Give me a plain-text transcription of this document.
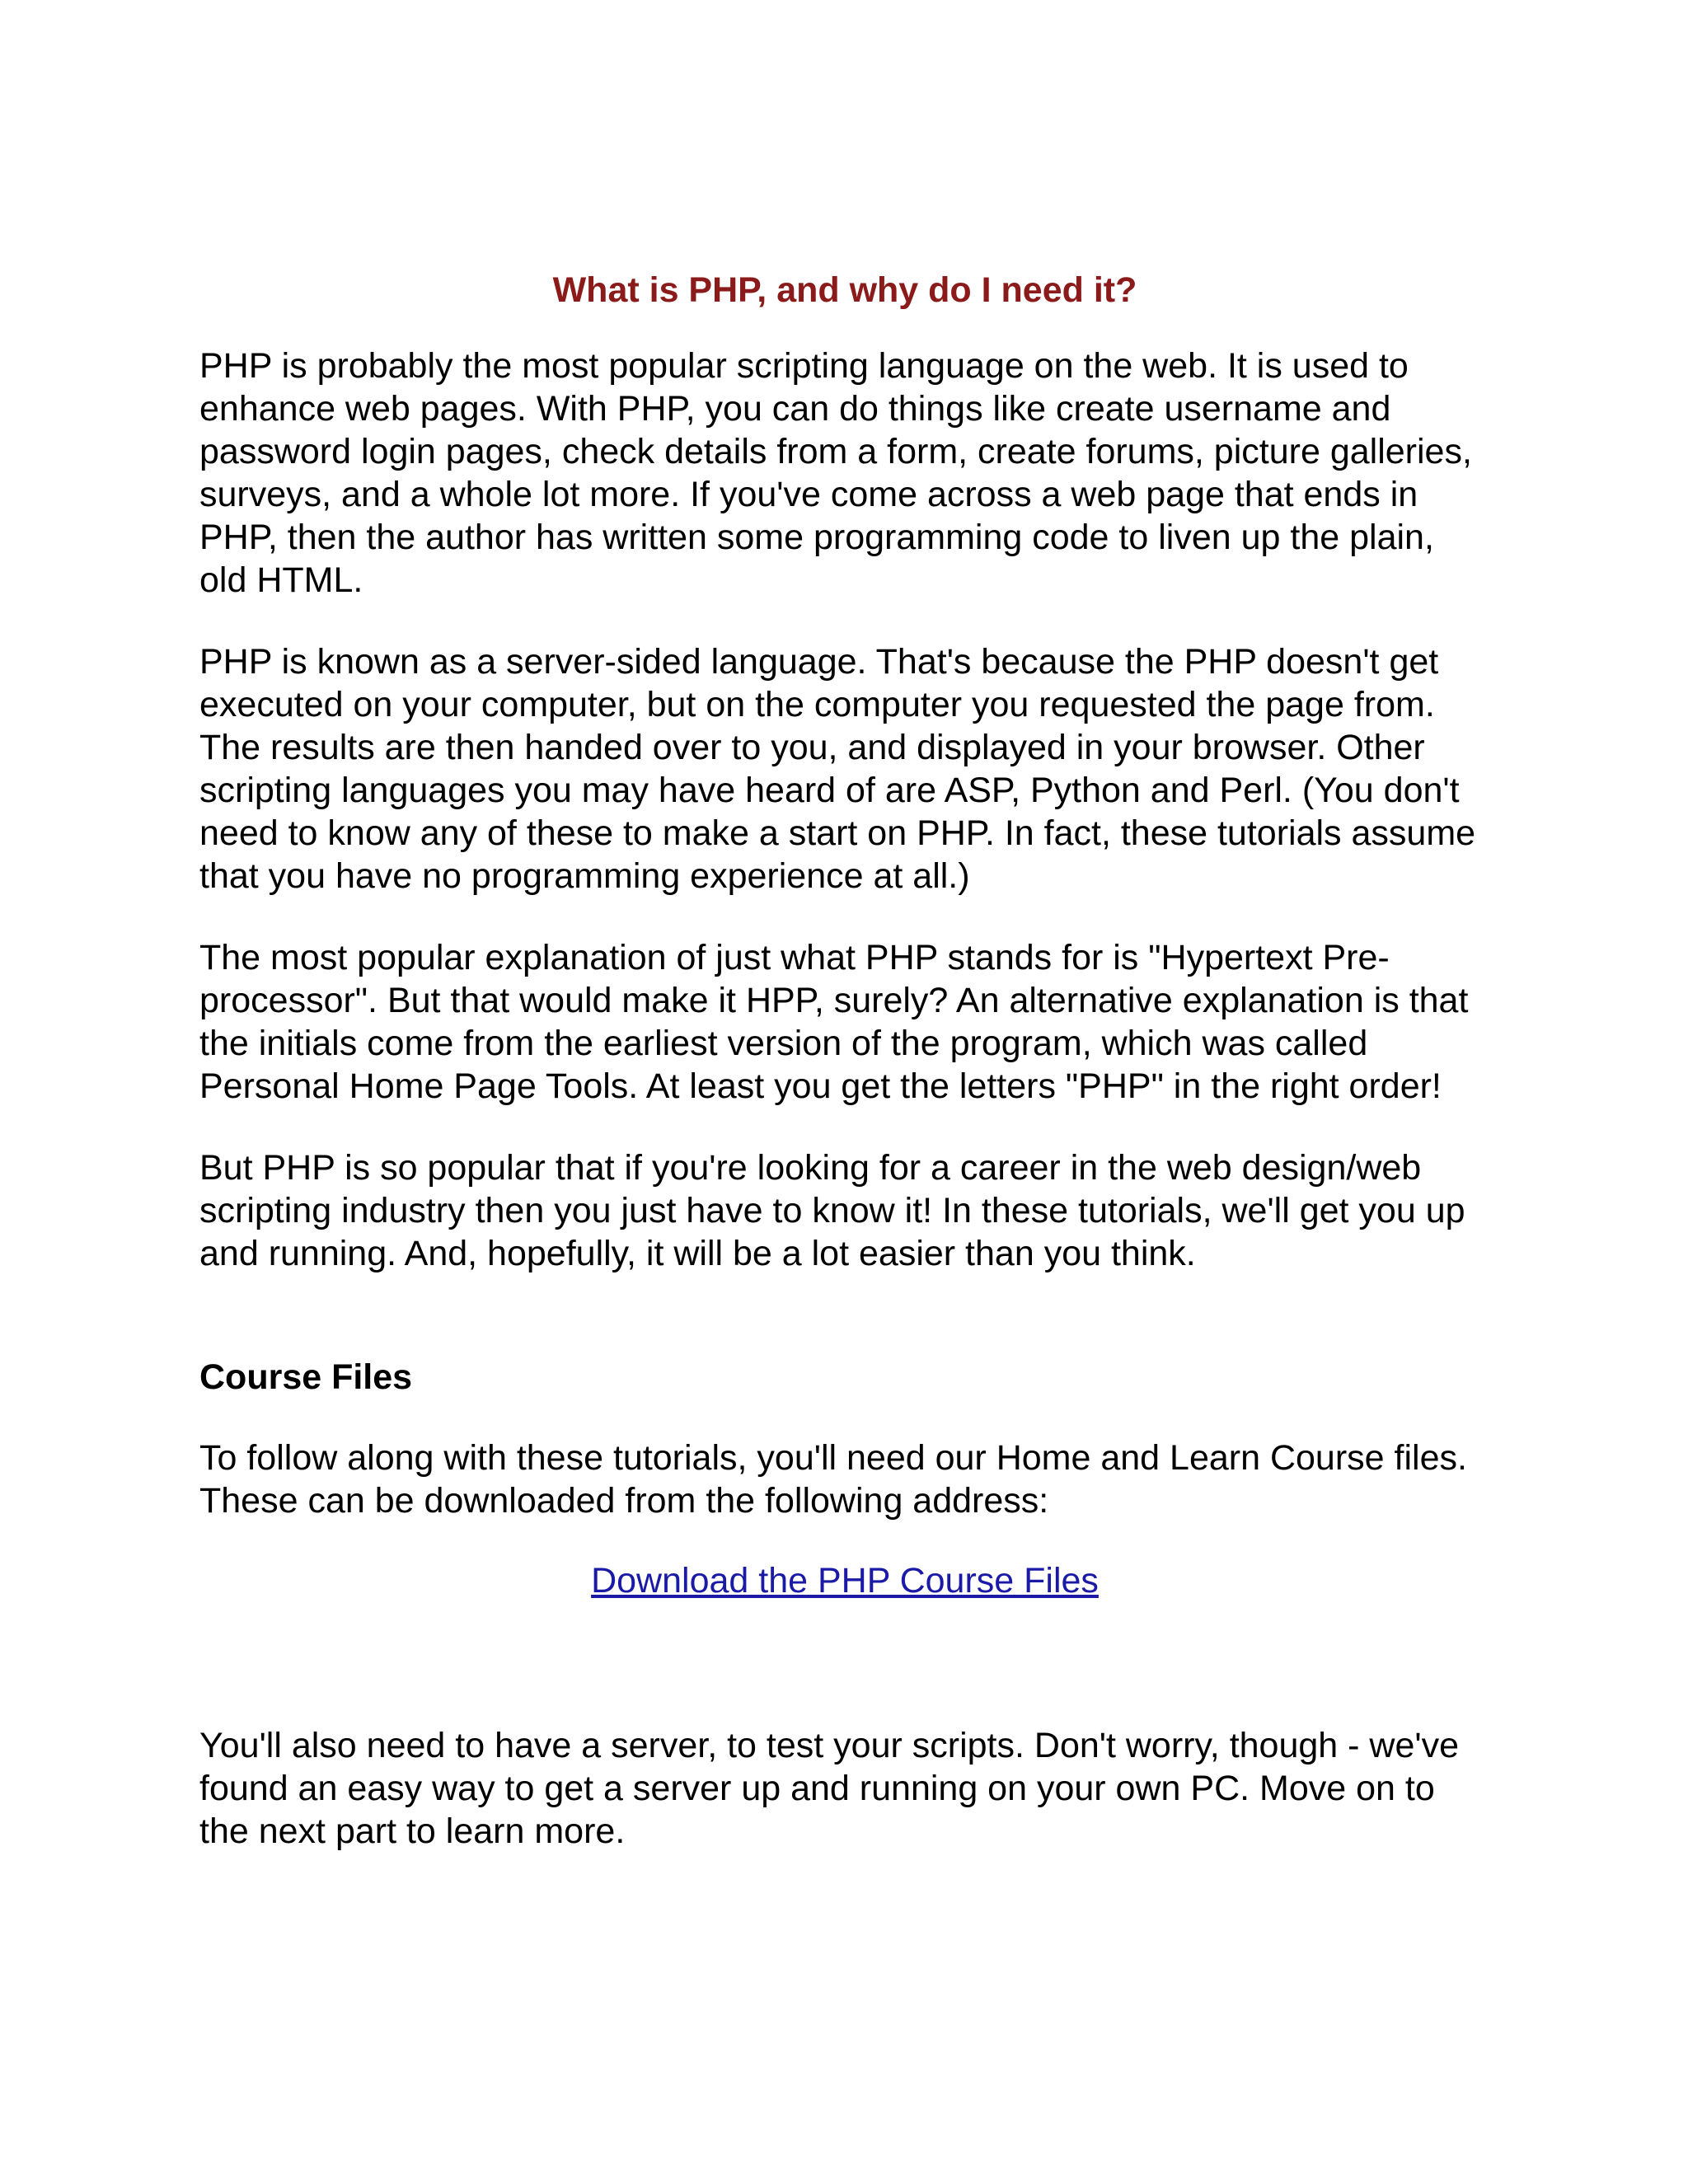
What is PHP, and why do I need it?

PHP is probably the most popular scripting language on the web. It is used to enhance web pages. With PHP, you can do things like create username and password login pages, check details from a form, create forums, picture galleries, surveys, and a whole lot more. If you've come across a web page that ends in PHP, then the author has written some programming code to liven up the plain, old HTML.

PHP is known as a server-sided language. That's because the PHP doesn't get executed on your computer, but on the computer you requested the page from. The results are then handed over to you, and displayed in your browser. Other scripting languages you may have heard of are ASP, Python and Perl. (You don't need to know any of these to make a start on PHP. In fact, these tutorials assume that you have no programming experience at all.)

The most popular explanation of just what PHP stands for is "Hypertext Pre-processor". But that would make it HPP, surely? An alternative explanation is that the initials come from the earliest version of the program, which was called Personal Home Page Tools. At least you get the letters "PHP" in the right order!

But PHP is so popular that if you're looking for a career in the web design/web scripting industry then you just have to know it! In these tutorials, we'll get you up and running. And, hopefully, it will be a lot easier than you think.

Course Files

To follow along with these tutorials, you'll need our Home and Learn Course files. These can be downloaded from the following address:

Download the PHP Course Files

You'll also need to have a server, to test your scripts. Don't worry, though - we've found an easy way to get a server up and running on your own PC. Move on to the next part to learn more.
